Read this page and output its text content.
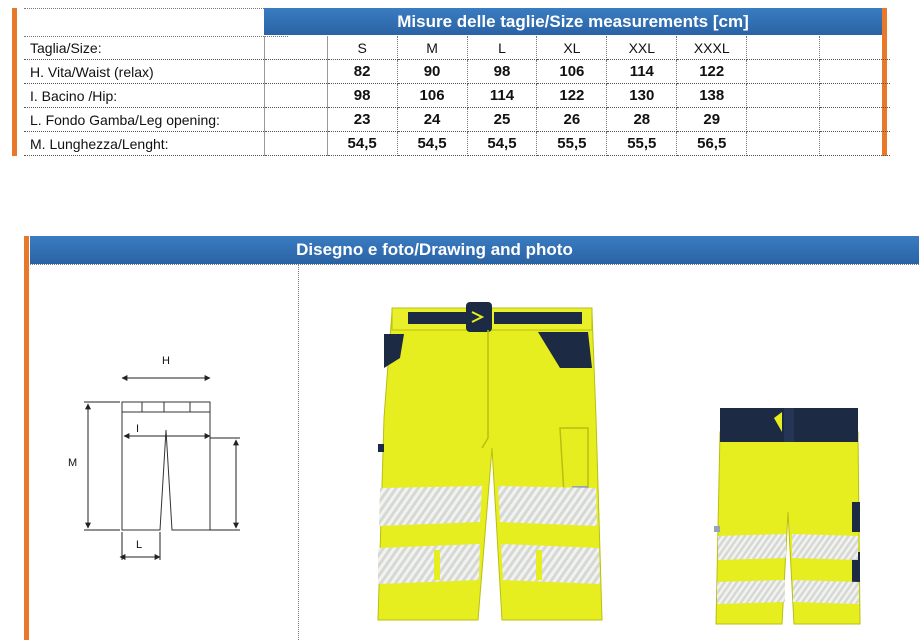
Misure delle taglie/Size measurements [cm]
Taglia/Size:		S	M	L	XL	XXL	XXXL		
H. Vita/Waist (relax)		82	90	98	106	114	122		
I. Bacino /Hip:		98	106	114	122	130	138		
L. Fondo Gamba/Leg opening:		23	24	25	26	28	29		
M. Lunghezza/Lenght:		54,5	54,5	54,5	55,5	55,5	56,5		
Disegno e foto/Drawing and photo
H
I
M
L
